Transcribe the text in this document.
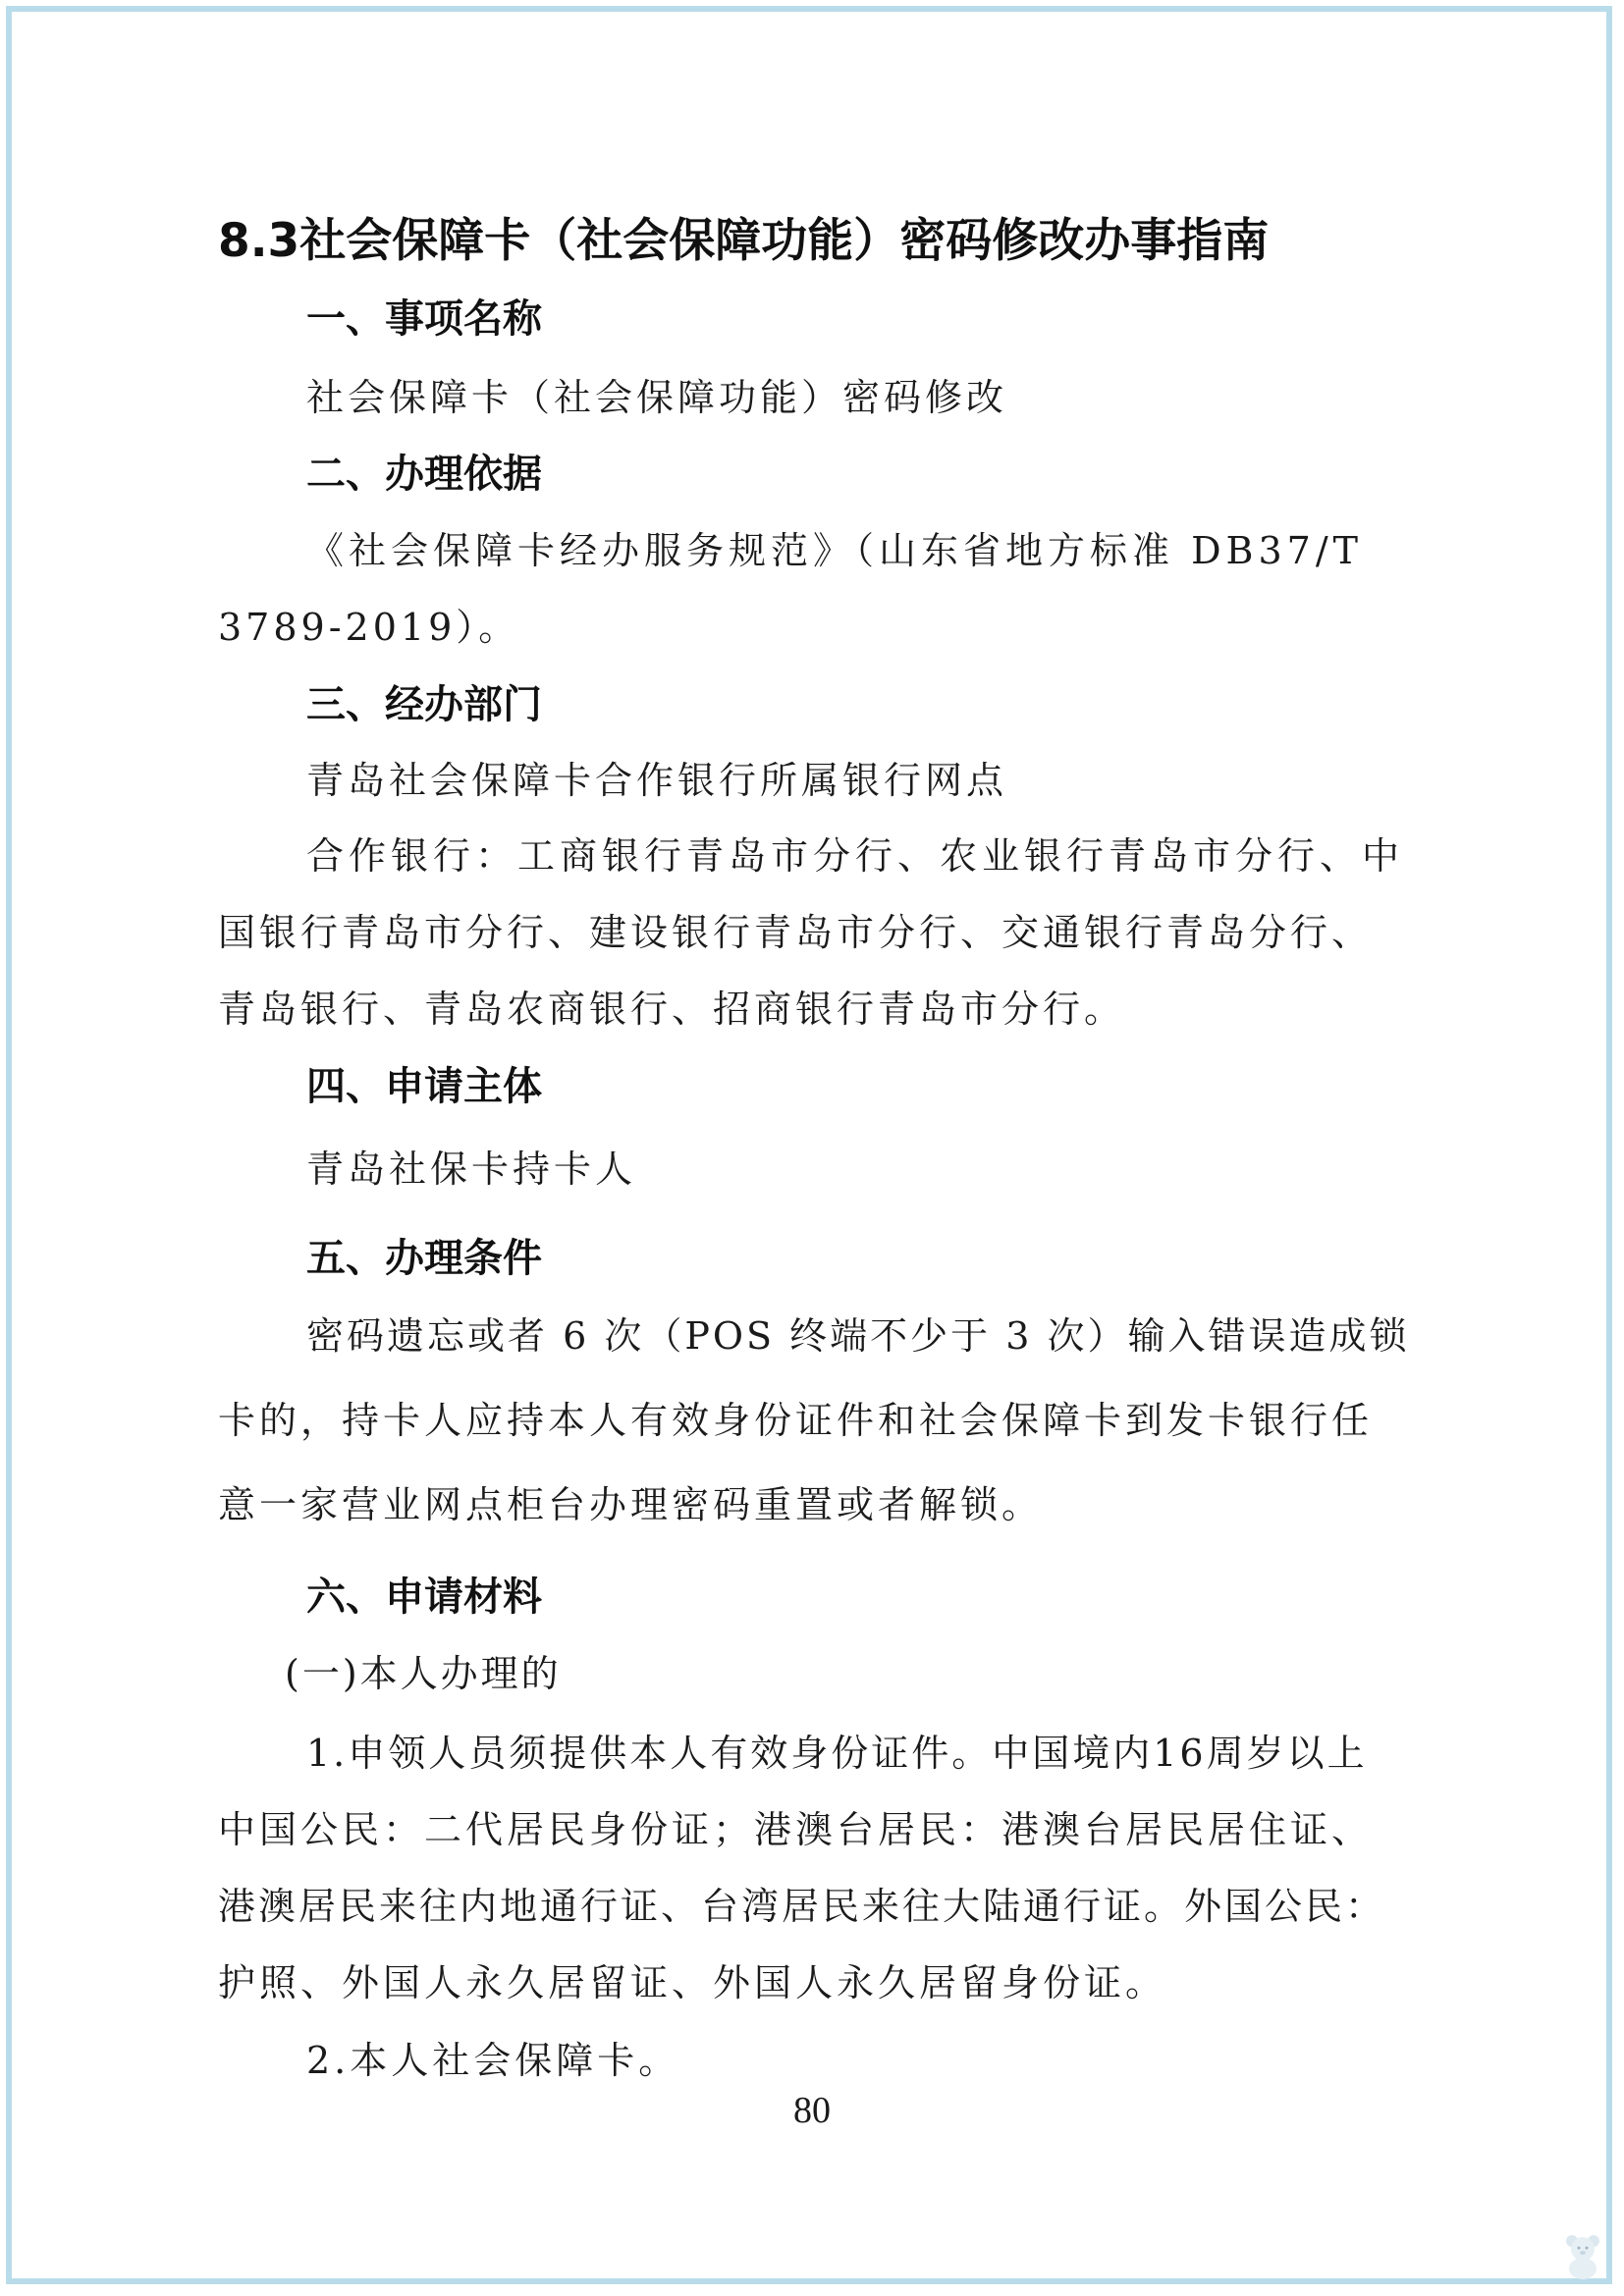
8.3社会保障卡（社会保障功能）密码修改办事指南
一、事项名称
社会保障卡（社会保障功能）密码修改
二、办理依据
《社会保障卡经办服务规范》（山东省地方标准 DB37/T
3789-2019）。
三、经办部门
青岛社会保障卡合作银行所属银行网点
合作银行：工商银行青岛市分行、农业银行青岛市分行、中
国银行青岛市分行、建设银行青岛市分行、交通银行青岛分行、
青岛银行、青岛农商银行、招商银行青岛市分行。
四、申请主体
青岛社保卡持卡人
五、办理条件
密码遗忘或者 6 次（POS 终端不少于 3 次）输入错误造成锁
卡的，持卡人应持本人有效身份证件和社会保障卡到发卡银行任
意一家营业网点柜台办理密码重置或者解锁。
六、申请材料
(一)本人办理的
1.申领人员须提供本人有效身份证件。中国境内16周岁以上
中国公民：二代居民身份证；港澳台居民：港澳台居民居住证、
港澳居民来往内地通行证、台湾居民来往大陆通行证。外国公民：
护照、外国人永久居留证、外国人永久居留身份证。
2.本人社会保障卡。
80
